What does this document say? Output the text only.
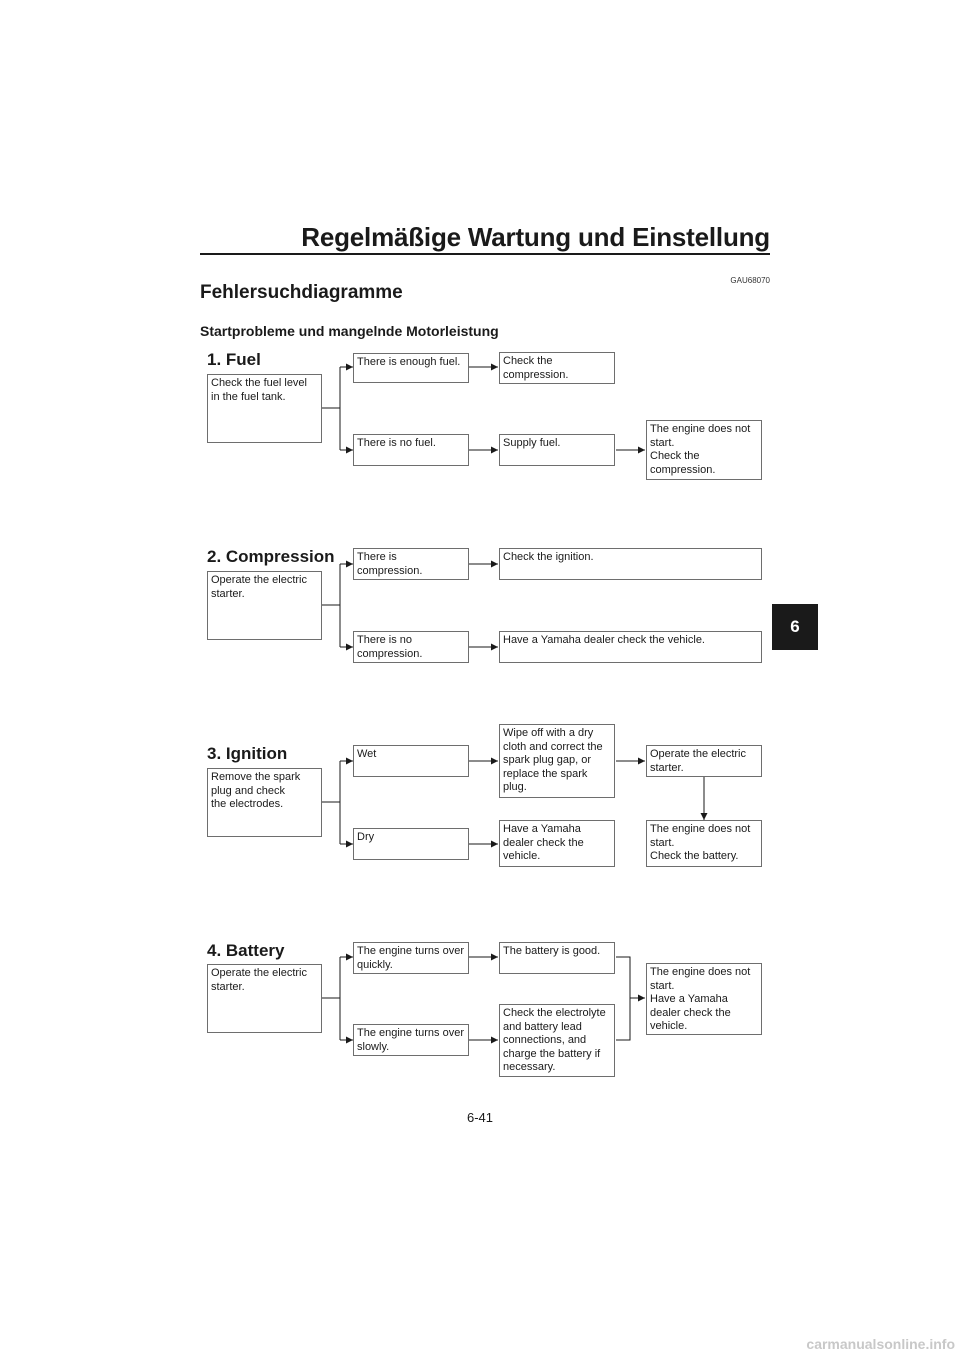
Regelmäßige Wartung und Einstellung
GAU68070
Fehlersuchdiagramme
Startprobleme und mangelnde Motorleistung
6
1. Fuel
Check the fuel level
in the fuel tank.
There is enough fuel.
There is no fuel.
Check the
compression.
Supply fuel.
The engine does not
start.
Check the
compression.
2. Compression
Operate the electric
starter.
There is compression.
There is no
compression.
Check the ignition.
Have a Yamaha dealer check the vehicle.
3. Ignition
Remove the spark
plug and check
the electrodes.
Wet
Dry
Wipe off with a dry
cloth and correct the
spark plug gap, or
replace the spark
plug.
Have a Yamaha
dealer check the
vehicle.
Operate the electric
starter.
The engine does not
start.
Check the battery.
4. Battery
Operate the electric
starter.
The engine turns over
quickly.
The engine turns over
slowly.
The battery is good.
Check the electrolyte
and battery lead
connections, and
charge the battery if
necessary.
The engine does not
start.
Have a Yamaha
dealer check the
vehicle.
6-41
carmanualsonline.info
